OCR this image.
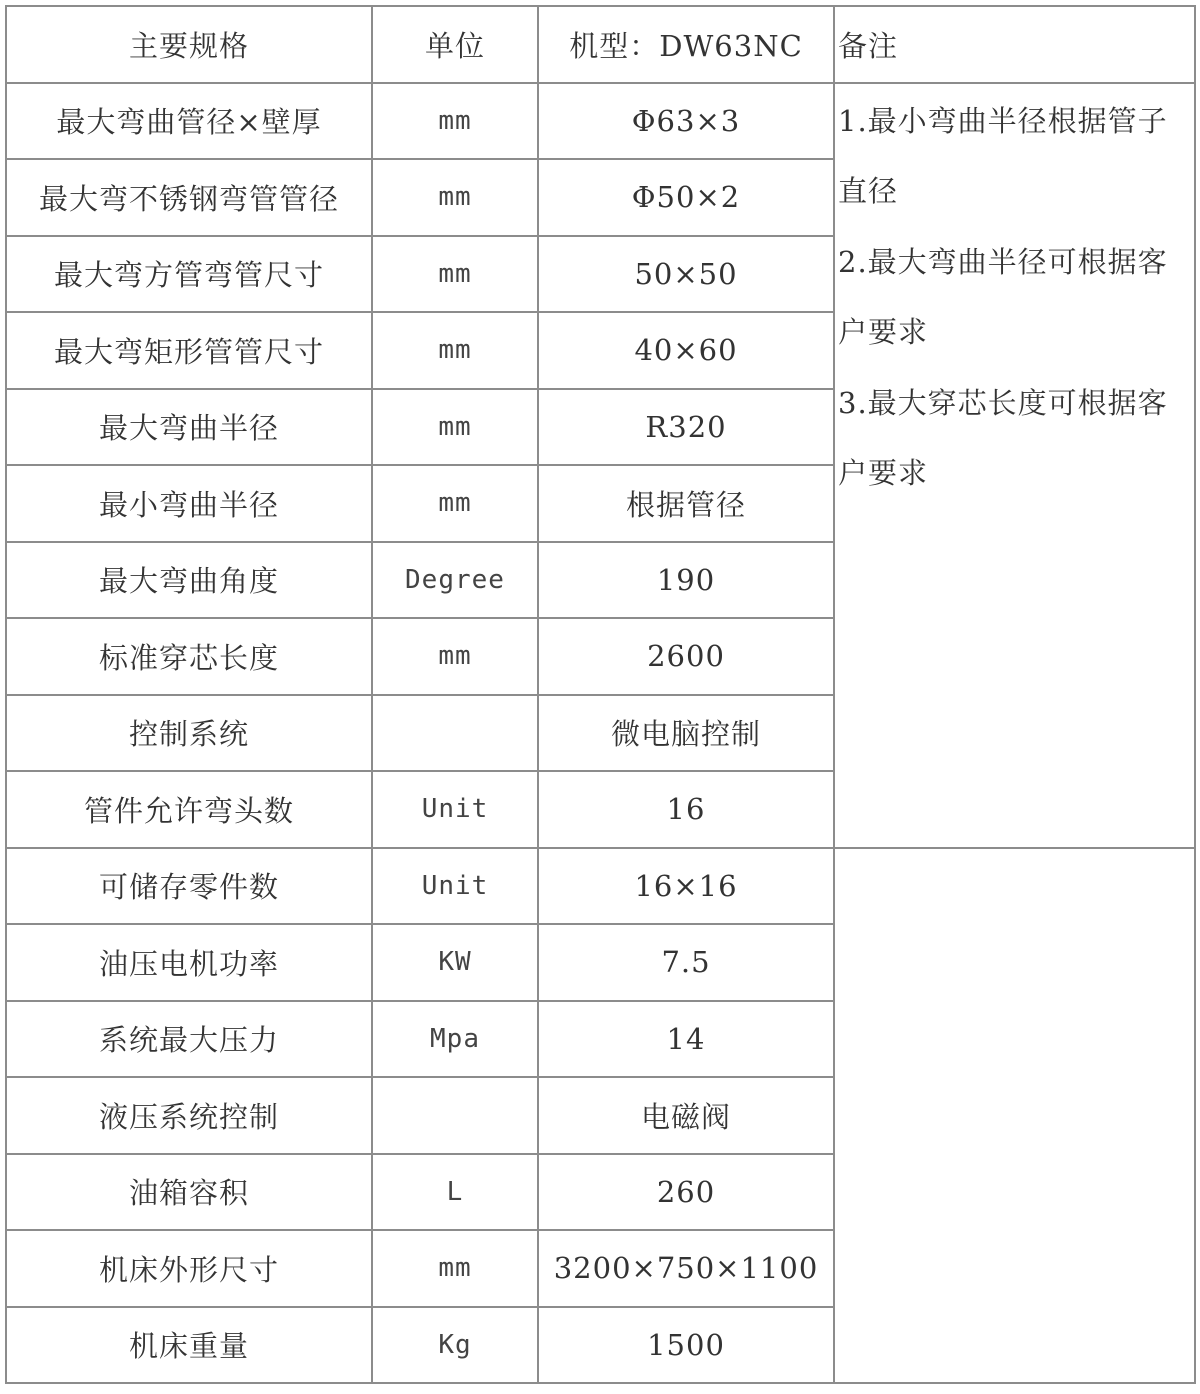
主要规格	单位	机型：DW63NC	备注
最大弯曲管径×壁厚	mm	Φ63×3	1.最小弯曲半径根据管子直径
2.最大弯曲半径可根据客户要求
3.最大穿芯长度可根据客户要求

最大弯不锈钢弯管管径	mm	Φ50×2	
最大弯方管弯管尺寸	mm	50×50	
最大弯矩形管管尺寸	mm	40×60	
最大弯曲半径	mm	R320	
最小弯曲半径	mm	根据管径	
最大弯曲角度	Degree	190	
标准穿芯长度	mm	2600	
控制系统		微电脑控制	
管件允许弯头数	Unit	16	
可储存零件数	Unit	16×16	
油压电机功率	KW	7.5	
系统最大压力	Mpa	14	
液压系统控制		电磁阀	
油箱容积	L	260	
机床外形尺寸	mm	3200×750×1100	
机床重量	Kg	1500	
